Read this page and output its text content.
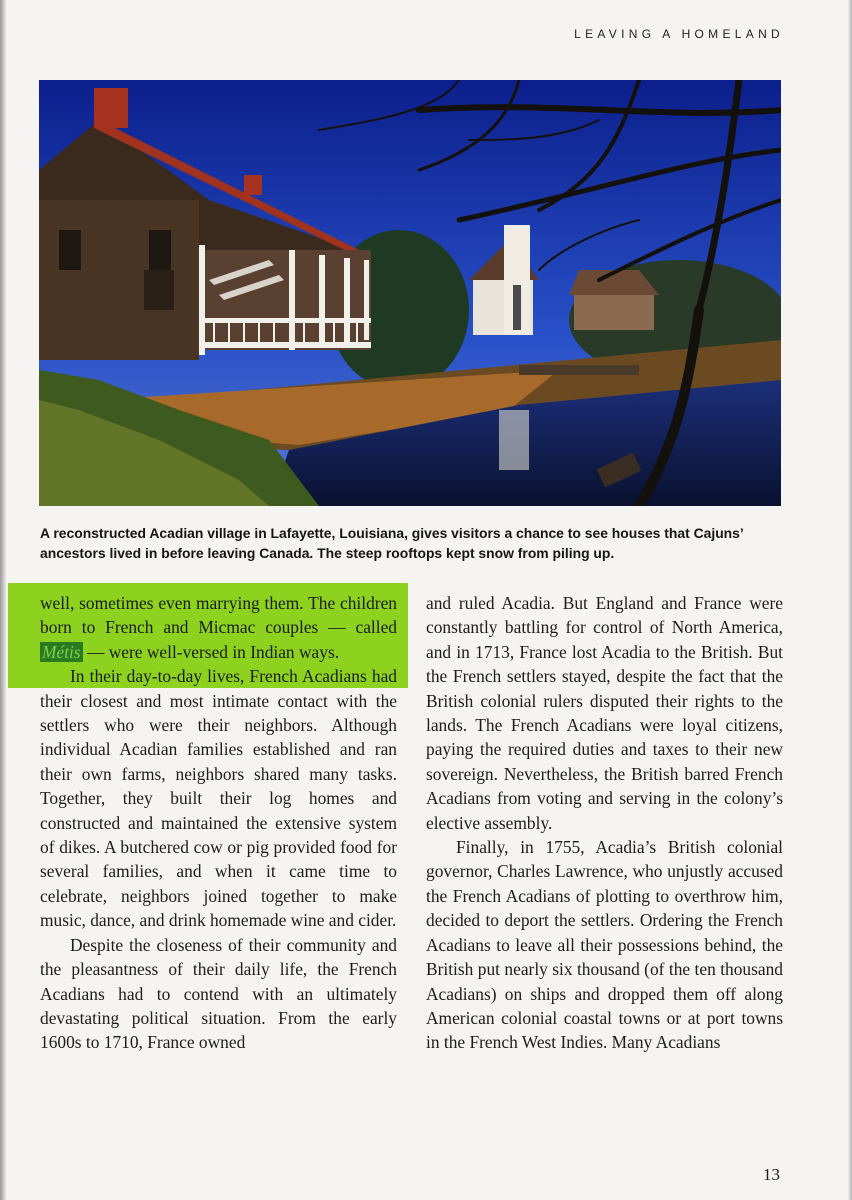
LEAVING A HOMELAND
A reconstructed Acadian village in Lafayette, Louisiana, gives visitors a chance to see houses that Cajuns’ ancestors lived in before leaving Canada. The steep rooftops kept snow from piling up.

well, sometimes even marrying them. The children born to French and Micmac couples — called Métis — were well-versed in Indian ways.

In their day-to-day lives, French Acadians had their closest and most intimate contact with the settlers who were their neighbors. Although individual Acadian families established and ran their own farms, neighbors shared many tasks. Together, they built their log homes and constructed and maintained the extensive system of dikes. A butchered cow or pig provided food for several families, and when it came time to celebrate, neighbors joined together to make music, dance, and drink homemade wine and cider.

Despite the closeness of their community and the pleasantness of their daily life, the French Acadians had to contend with an ultimately devastating political situation. From the early 1600s to 1710, France owned

and ruled Acadia. But England and France were constantly battling for control of North America, and in 1713, France lost Acadia to the British. But the French settlers stayed, despite the fact that the British colonial rulers disputed their rights to the lands. The French Acadians were loyal citizens, paying the required duties and taxes to their new sovereign. Nevertheless, the British barred French Acadians from voting and serving in the colony’s elective assembly.

Finally, in 1755, Acadia’s British colonial governor, Charles Lawrence, who unjustly accused the French Acadians of plotting to overthrow him, decided to deport the settlers. Ordering the French Acadians to leave all their possessions behind, the British put nearly six thousand (of the ten thousand Acadians) on ships and dropped them off along American colonial coastal towns or at port towns in the French West Indies. Many Acadians

13
